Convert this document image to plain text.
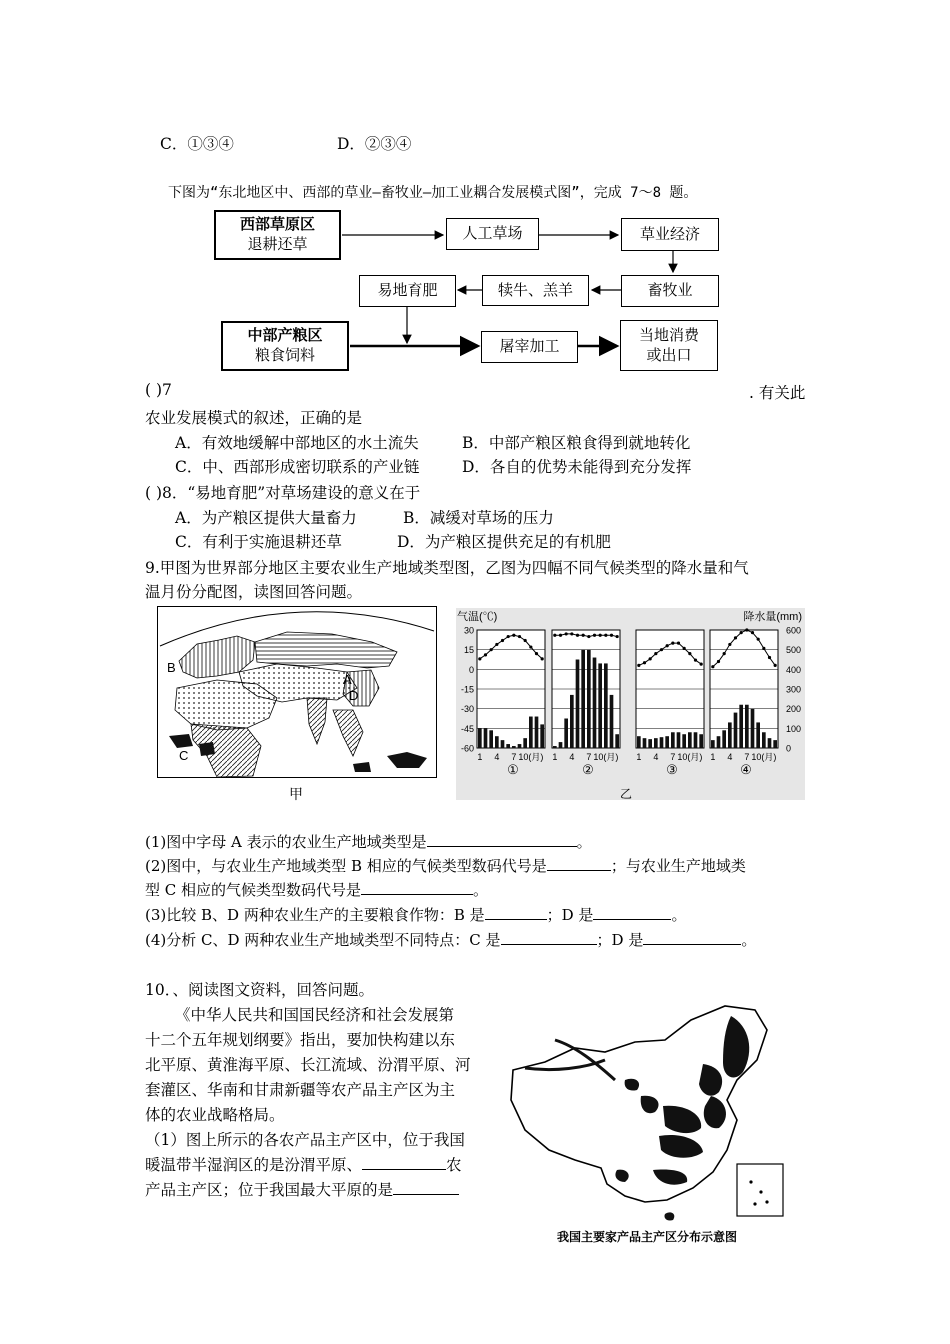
C．①③④	D．②③④
下图为“东北地区中、西部的草业—畜牧业—加工业耦合发展模式图”，完成 7～8 题。
西部草原区
退耕还草
人工草场	草业经济
畜牧业
犊牛、羔羊
易地育肥
中部产粮区
粮食饲料
屠宰加工
当地消费
或出口
( )7	. 有关此
农业发展模式的叙述，正确的是
A．有效地缓解中部地区的水土流失	B．中部产粮区粮食得到就地转化
C．中、西部形成密切联系的产业链	D．各自的优势未能得到充分发挥
( )8．“易地育肥”对草场建设的意义在于
A．为产粮区提供大量畜力	B．减缓对草场的压力
C．有利于实施退耕还草	D．为产粮区提供充足的有机肥
9.甲图为世界部分地区主要农业生产地域类型图，乙图为四幅不同气候类型的降水量和气
温月份分配图，读图回答问题。
B
A
D
C
甲
气温(℃)	降水量(mm)
30
15
0
-15
-30
-45
-60
600
500
400
300
200
100
0
1 4 7 10(月)
①
1 4 7 10(月)
②
1 4 7 10(月)
③
1 4 7 10(月)
④
乙
(1)图中字母 A 表示的农业生产地域类型是	。
(2)图中，与农业生产地域类型 B 相应的气候类型数码代号是	；与农业生产地域类
型 C 相应的气候类型数码代号是	。
(3)比较 B、D 两种农业生产的主要粮食作物：B 是	；D 是	。
(4)分析 C、D 两种农业生产地域类型不同特点：C 是	；D 是	。
10．、阅读图文资料，回答问题。
《中华人民共和国国民经济和社会发展第
十二个五年规划纲要》指出，要加快构建以东
北平原、黄淮海平原、长江流域、汾渭平原、河
套灌区、华南和甘肃新疆等农产品主产区为主
体的农业战略格局。
（1）图上所示的各农产品主产区中，位于我国
暖温带半湿润区的是汾渭平原、	农
产品主产区；位于我国最大平原的是
我国主要家产品主产区分布示意图
